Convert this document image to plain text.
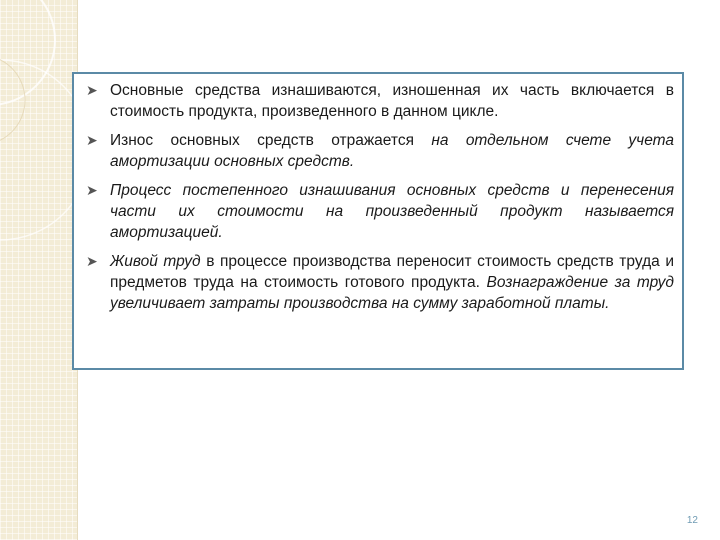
➤ Основные средства изнашиваются, изношенная их часть включается в стоимость продукта, произведенного в данном цикле.
➤ Износ основных средств отражается на отдельном счете учета амортизации основных средств.
➤ Процесс постепенного изнашивания основных средств и перенесения части их стоимости на произведенный продукт называется амортизацией.
➤ Живой труд в процессе производства переносит стоимость средств труда и предметов труда на стоимость готового продукта. Вознаграждение за труд увеличивает затраты производства на сумму заработной платы.
12
